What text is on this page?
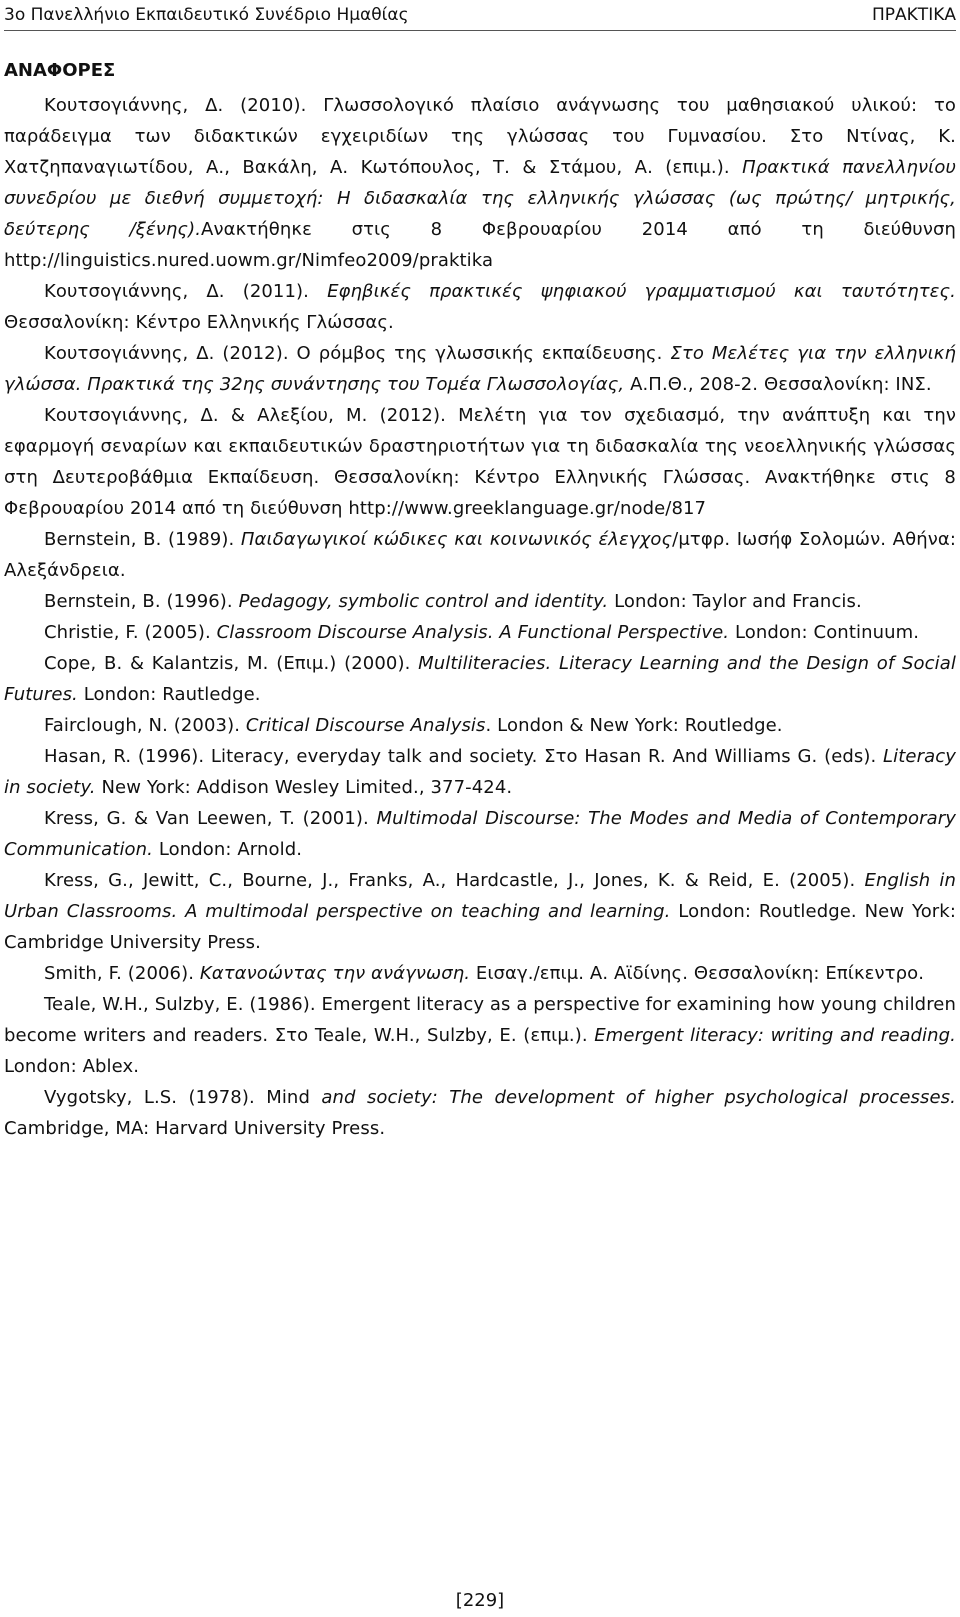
3ο Πανελλήνιο Εκπαιδευτικό Συνέδριο Ημαθίας	ΠΡΑΚΤΙΚΑ
ΑΝΑΦΟΡΕΣ

Κουτσογιάννης, Δ. (2010). Γλωσσολογικό πλαίσιο ανάγνωσης του μαθησιακού υλικού: το παράδειγμα των διδακτικών εγχειριδίων της γλώσσας του Γυμνασίου. Στο Ντίνας, Κ. Χατζηπαναγιωτίδου, Α., Βακάλη, Α. Κωτόπουλος, Τ. & Στάμου, Α. (επιμ.). Πρακτικά πανελληνίου συνεδρίου με διεθνή συμμετοχή: Η διδασκαλία της ελληνικής γλώσσας (ως πρώτης/ μητρικής, δεύτερης /ξένης).Ανακτήθηκε στις 8 Φεβρουαρίου 2014 από τη διεύθυνση http://linguistics.nured.uowm.gr/Nimfeo2009/praktika

Κουτσογιάννης, Δ. (2011). Εφηβικές πρακτικές ψηφιακού γραμματισμού και ταυτότητες. Θεσσαλονίκη: Κέντρο Ελληνικής Γλώσσας.

Κουτσογιάννης, Δ. (2012). Ο ρόμβος της γλωσσικής εκπαίδευσης. Στο Μελέτες για την ελληνική γλώσσα. Πρακτικά της 32ης συνάντησης του Τομέα Γλωσσολογίας, Α.Π.Θ., 208-2. Θεσσαλονίκη: ΙΝΣ.

Κουτσογιάννης, Δ. & Αλεξίου, Μ. (2012). Μελέτη για τον σχεδιασμό, την ανάπτυξη και την εφαρμογή σεναρίων και εκπαιδευτικών δραστηριοτήτων για τη διδασκαλία της νεοελληνικής γλώσσας στη Δευτεροβάθμια Εκπαίδευση. Θεσσαλονίκη: Κέντρο Ελληνικής Γλώσσας. Ανακτήθηκε στις 8 Φεβρουαρίου 2014 από τη διεύθυνση http://www.greeklanguage.gr/node/817

Bernstein, B. (1989). Παιδαγωγικοί κώδικες και κοινωνικός έλεγχος/μτφρ. Ιωσήφ Σολομών. Αθήνα: Αλεξάνδρεια.

Bernstein, B. (1996). Pedagogy, symbolic control and identity. London: Taylor and Francis.

Christie, F. (2005). Classroom Discourse Analysis. A Functional Perspective. London: Continuum.

Cope, B. & Kalantzis, M. (Επιμ.) (2000). Multiliteracies. Literacy Learning and the Design of Social Futures. London: Rautledge.

Fairclough, N. (2003). Critical Discourse Analysis. London & New York: Routledge.

Hasan, R. (1996). Literacy, everyday talk and society. Στο Hasan R. And Williams G. (eds). Literacy in society. New York: Addison Wesley Limited., 377-424.

Kress, G. & Van Leewen, T. (2001). Multimodal Discourse: The Modes and Media of Contemporary Communication. London: Arnold.

Kress, G., Jewitt, C., Bourne, J., Franks, A., Hardcastle, J., Jones, K. & Reid, E. (2005). English in Urban Classrooms. A multimodal perspective on teaching and learning. London: Routledge. New York: Cambridge University Press.

Smith, F. (2006). Κατανοώντας την ανάγνωση. Εισαγ./επιμ. Α. Αϊδίνης. Θεσσαλονίκη: Επίκεντρο.

Teale, W.H., Sulzby, E. (1986). Emergent literacy as a perspective for examining how young children become writers and readers. Στο Teale, W.H., Sulzby, E. (επιμ.). Emergent literacy: writing and reading. London: Ablex.

Vygotsky, L.S. (1978). Mind and society: The development of higher psychological processes. Cambridge, MA: Harvard University Press.

[229]
